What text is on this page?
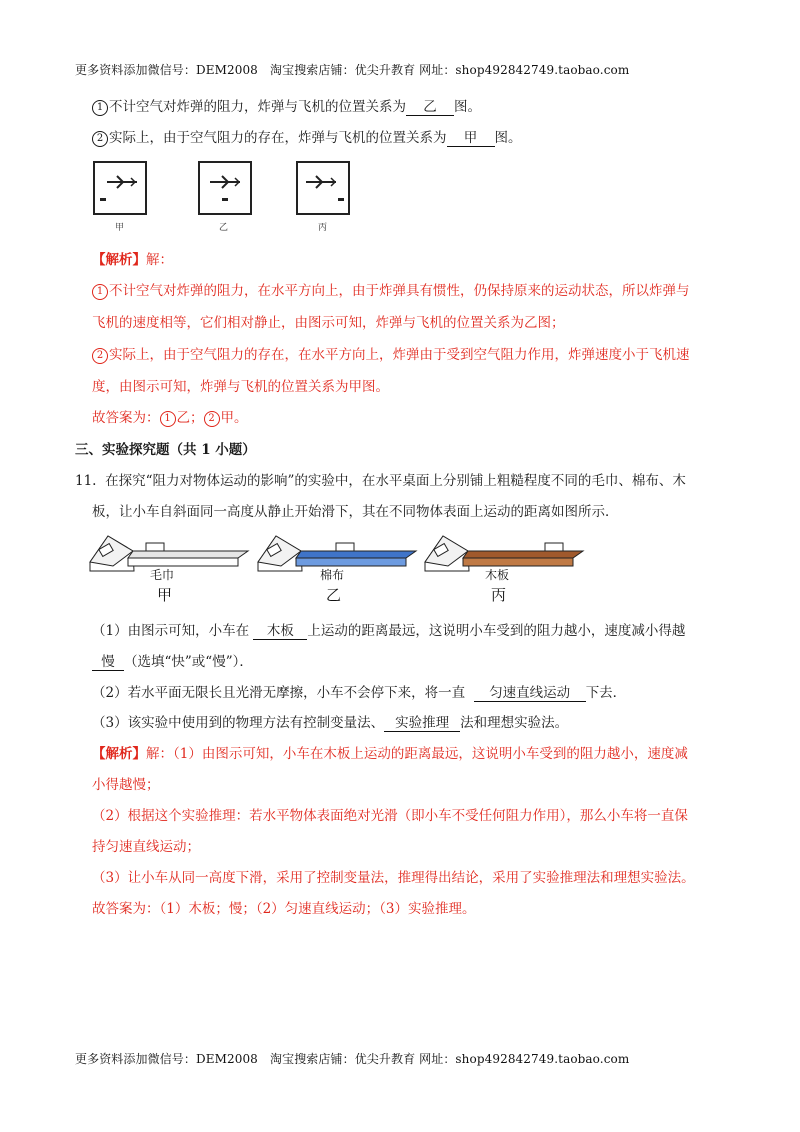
更多资料添加微信号：DEM2008　淘宝搜索店铺：优尖升教育 网址：shop492842749.taobao.com
1 不计空气对炸弹的阻力，炸弹与飞机的位置关系为 乙 图。
2 实际上，由于空气阻力的存在，炸弹与飞机的位置关系为 甲 图。
甲	乙	丙
【解析】解：
1 不计空气对炸弹的阻力，在水平方向上，由于炸弹具有惯性，仍保持原来的运动状态，所以炸弹与
飞机的速度相等，它们相对静止，由图示可知，炸弹与飞机的位置关系为乙图；
2 实际上，由于空气阻力的存在，在水平方向上，炸弹由于受到空气阻力作用，炸弹速度小于飞机速
度，由图示可知，炸弹与飞机的位置关系为甲图。
故答案为： 1 乙； 2 甲。
三、实验探究题（共 1 小题）
11. 在探究“阻力对物体运动的影响”的实验中，在水平桌面上分别铺上粗糙程度不同的毛巾、棉布、木
板，让小车自斜面同一高度从静止开始滑下，其在不同物体表面上运动的距离如图所示．
毛巾	棉布	木板
甲	乙	丙
（1）由图示可知，小车在 木板 上运动的距离最远，这说明小车受到的阻力越小，速度减小得越
慢 （选填“快”或“慢”）．
（2）若水平面无限长且光滑无摩擦，小车不会停下来，将一直 匀速直线运动 下去．
（3）该实验中使用到的物理方法有控制变量法、 实验推理 法和理想实验法。
【解析】解：（1）由图示可知，小车在木板上运动的距离最远，这说明小车受到的阻力越小，速度减
小得越慢；
（2）根据这个实验推理：若水平物体表面绝对光滑（即小车不受任何阻力作用），那么小车将一直保
持匀速直线运动；
（3）让小车从同一高度下滑，采用了控制变量法，推理得出结论，采用了实验推理法和理想实验法。
故答案为：（1）木板；慢；（2）匀速直线运动；（3）实验推理。
更多资料添加微信号：DEM2008　淘宝搜索店铺：优尖升教育 网址：shop492842749.taobao.com
